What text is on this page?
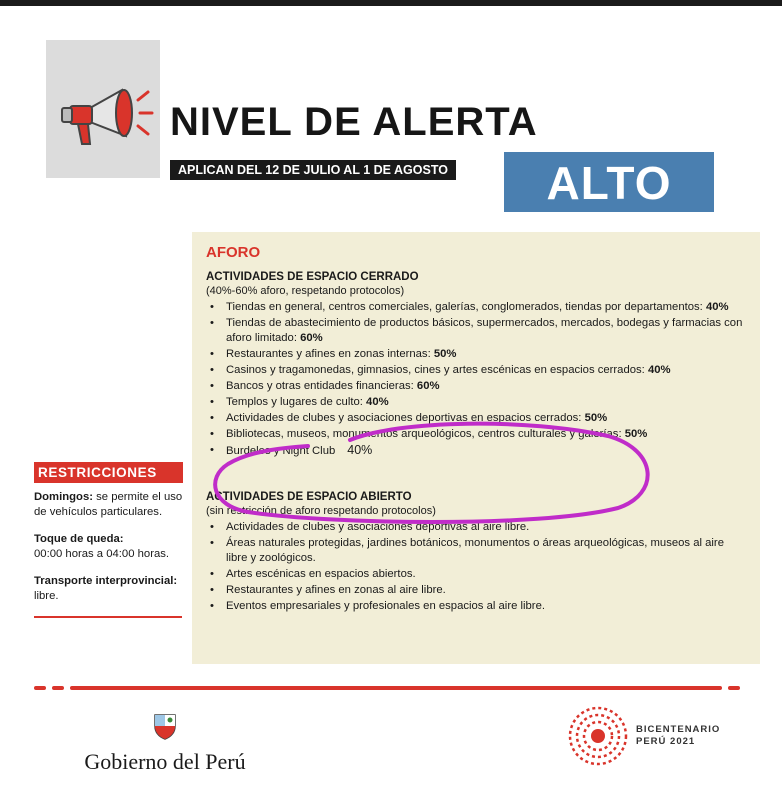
NIVEL DE ALERTA
APLICAN DEL 12 DE JULIO AL 1 DE AGOSTO	ALTO
AFORO
ACTIVIDADES DE ESPACIO CERRADO
(40%-60% aforo, respetando protocolos)
• Tiendas en general, centros comerciales, galerías, conglomerados, tiendas por departamentos: 40%
• Tiendas de abastecimiento de productos básicos, supermercados, mercados, bodegas y farmacias con aforo limitado: 60%
• Restaurantes y afines en zonas internas: 50%
• Casinos y tragamonedas, gimnasios, cines y artes escénicas en espacios cerrados: 40%
• Bancos y otras entidades financieras: 60%
• Templos y lugares de culto: 40%
• Actividades de clubes y asociaciones deportivas en espacios cerrados: 50%
• Bibliotecas, museos, monumentos arqueológicos, centros culturales y galerías: 50%
• Burdeles y Night Club 40%
ACTIVIDADES DE ESPACIO ABIERTO
(sin restricción de aforo respetando protocolos)
• Actividades de clubes y asociaciones deportivas al aire libre.
• Áreas naturales protegidas, jardines botánicos, monumentos o áreas arqueológicas, museos al aire libre y zoológicos.
• Artes escénicas en espacios abiertos.
• Restaurantes y afines en zonas al aire libre.
• Eventos empresariales y profesionales en espacios al aire libre.
RESTRICCIONES
Domingos: se permite el uso de vehículos particulares.
Toque de queda:
00:00 horas a 04:00 horas.
Transporte interprovincial: libre.
Gobierno del Perú
BICENTENARIO
PERÚ 2021
